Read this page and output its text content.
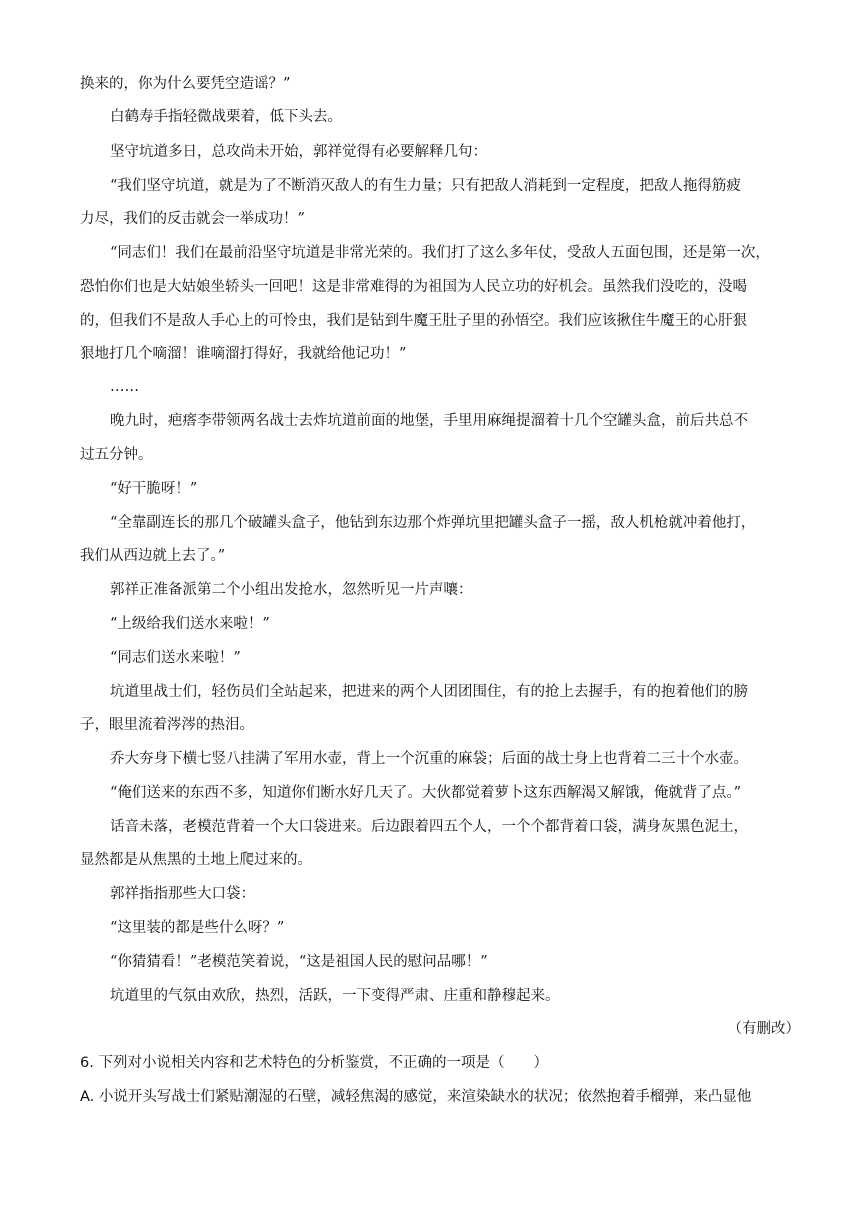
换来的，你为什么要凭空造谣？”
白鹤寿手指轻微战栗着，低下头去。
坚守坑道多日，总攻尚未开始，郭祥觉得有必要解释几句：
“我们坚守坑道，就是为了不断消灭敌人的有生力量；只有把敌人消耗到一定程度，把敌人拖得筋疲
力尽，我们的反击就会一举成功！”
“同志们！我们在最前沿坚守坑道是非常光荣的。我们打了这么多年仗，受敌人五面包围，还是第一次，
恐怕你们也是大姑娘坐轿头一回吧！这是非常难得的为祖国为人民立功的好机会。虽然我们没吃的，没喝
的，但我们不是敌人手心上的可怜虫，我们是钻到牛魔王肚子里的孙悟空。我们应该揪住牛魔王的心肝狠
狠地打几个嘀溜！谁嘀溜打得好，我就给他记功！”
……
晚九时，疤瘩李带领两名战士去炸坑道前面的地堡，手里用麻绳提溜着十几个空罐头盒，前后共总不
过五分钟。
“好干脆呀！”
“全靠副连长的那几个破罐头盒子，他钻到东边那个炸弹坑里把罐头盒子一摇，敌人机枪就冲着他打，
我们从西边就上去了。”
郭祥正准备派第二个小组出发抢水，忽然听见一片声嚷：
“上级给我们送水来啦！”
“同志们送水来啦！”
坑道里战士们，轻伤员们全站起来，把进来的两个人团团围住，有的抢上去握手，有的抱着他们的膀
子，眼里流着涔涔的热泪。
乔大夯身下横七竖八挂满了军用水壶，背上一个沉重的麻袋；后面的战士身上也背着二三十个水壶。
“俺们送来的东西不多，知道你们断水好几天了。大伙都觉着萝卜这东西解渴又解饿，俺就背了点。”
话音未落，老模范背着一个大口袋进来。后边跟着四五个人，一个个都背着口袋，满身灰黑色泥土，
显然都是从焦黑的土地上爬过来的。
郭祥指指那些大口袋：
“这里装的都是些什么呀？”
“你猜猜看！”老模范笑着说，“这是祖国人民的慰问品哪！”
坑道里的气氛由欢欣，热烈，活跃，一下变得严肃、庄重和静穆起来。
（有删改）
6. 下列对小说相关内容和艺术特色的分析鉴赏，不正确的一项是（　　）
A. 小说开头写战士们紧贴潮湿的石壁，减轻焦渴的感觉，来渲染缺水的状况；依然抱着手榴弹，来凸显他
